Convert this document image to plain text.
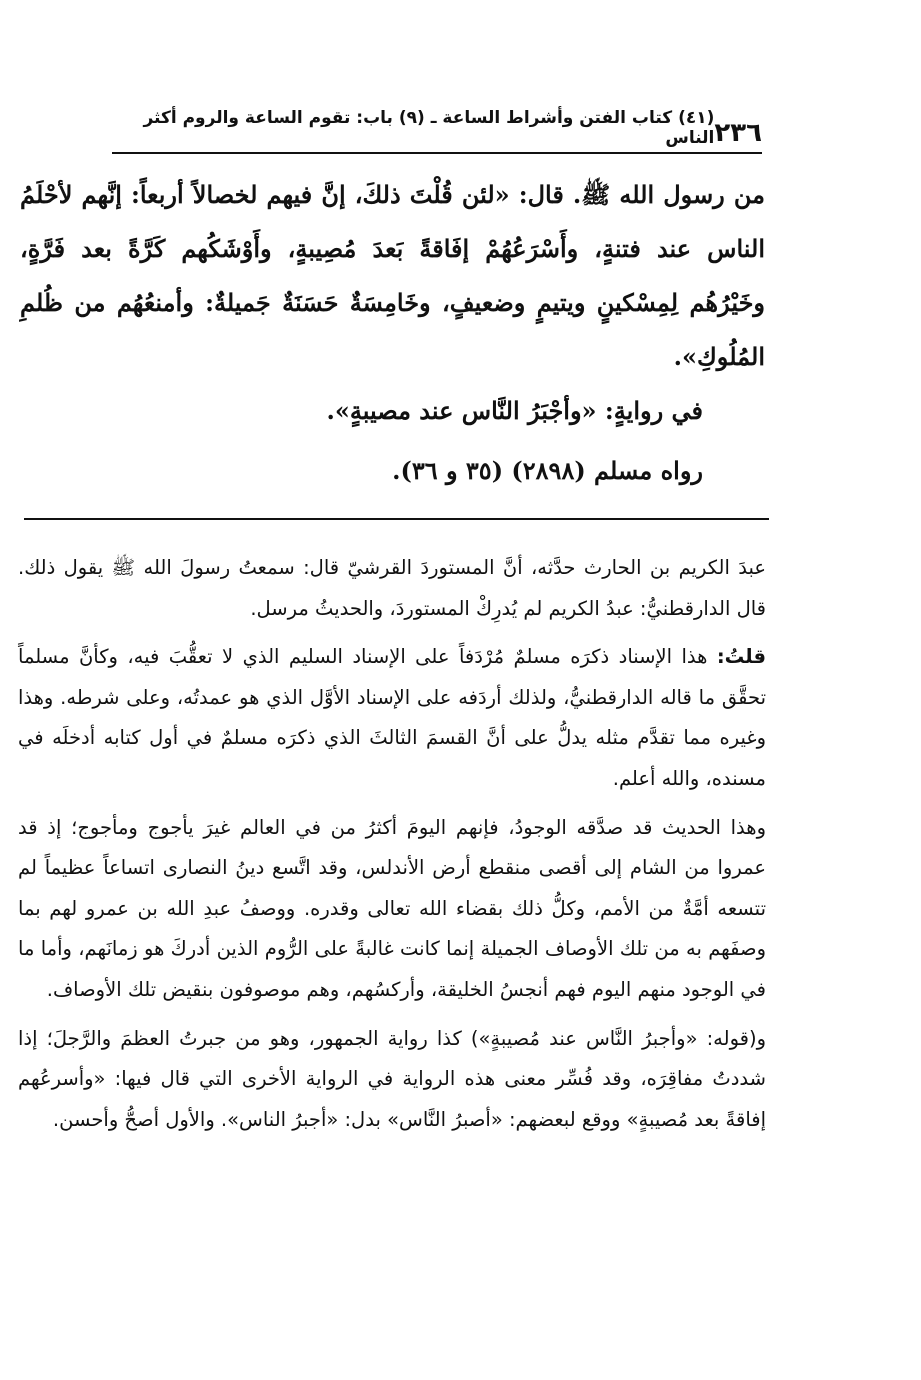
٢٣٦
(٤١) كتاب الفتن وأشراط الساعة ـ (٩) باب: تقوم الساعة والروم أكثر الناس

من رسول الله ﷺ. قال: «لئن قُلْتَ ذلكَ، إنَّ فيهم لخصالاً أربعاً: إنَّهم لأحْلَمُ الناس عند فتنةٍ، وأَسْرَعُهُمْ إفَاقةً بَعدَ مُصِيبةٍ، وأَوْشَكُهم كَرَّةً بعد فَرَّةٍ، وخَيْرُهُم لِمِسْكينٍ ويتيمٍ وضعيفٍ، وخَامِسَةٌ حَسَنَةٌ جَميلةٌ: وأمنعُهُم من ظُلمِ المُلُوكِ».

في روايةٍ: «وأجْبَرُ النَّاس عند مصيبةٍ».

رواه مسلم (٢٨٩٨) (٣٥ و ٣٦).

عبدَ الكريم بن الحارث حدَّثه، أنَّ المستوردَ القرشيّ قال: سمعتُ رسولَ الله ﷺ يقول ذلك. قال الدارقطنيُّ: عبدُ الكريم لم يُدرِكْ المستوردَ، والحديثُ مرسل.

قلتُ: هذا الإسناد ذكرَه مسلمٌ مُرْدَفاً على الإسناد السليم الذي لا تعقُّبَ فيه، وكأنَّ مسلماً تحقَّق ما قاله الدارقطنيُّ، ولذلك أردَفه على الإسناد الأوَّل الذي هو عمدتُه، وعلى شرطه. وهذا وغيره مما تقدَّم مثله يدلُّ على أنَّ القسمَ الثالثَ الذي ذكرَه مسلمٌ في أول كتابه أدخلَه في مسنده، والله أعلم.

وهذا الحديث قد صدَّقه الوجودُ، فإنهم اليومَ أكثرُ من في العالم غيرَ يأجوج ومأجوج؛ إذ قد عمروا من الشام إلى أقصى منقطع أرض الأندلس، وقد اتَّسع دينُ النصارى اتساعاً عظيماً لم تتسعه أمَّةٌ من الأمم، وكلُّ ذلك بقضاء الله تعالى وقدره. ووصفُ عبدِ الله بن عمرو لهم بما وصفَهم به من تلك الأوصاف الجميلة إنما كانت غالبةً على الرُّوم الذين أدركَ هو زمانَهم، وأما ما في الوجود منهم اليوم فهم أنجسُ الخليقة، وأركسُهم، وهم موصوفون بنقيض تلك الأوصاف.

و(قوله: «وأجبرُ النَّاس عند مُصيبةٍ») كذا رواية الجمهور، وهو من جبرتُ العظمَ والرَّجلَ؛ إذا شددتُ مفاقِرَه، وقد فُسِّر معنى هذه الرواية في الرواية الأخرى التي قال فيها: «وأسرعُهم إفاقةً بعد مُصيبةٍ» ووقع لبعضهم: «أصبرُ النَّاس» بدل: «أجبرُ الناس». والأول أصحُّ وأحسن.
